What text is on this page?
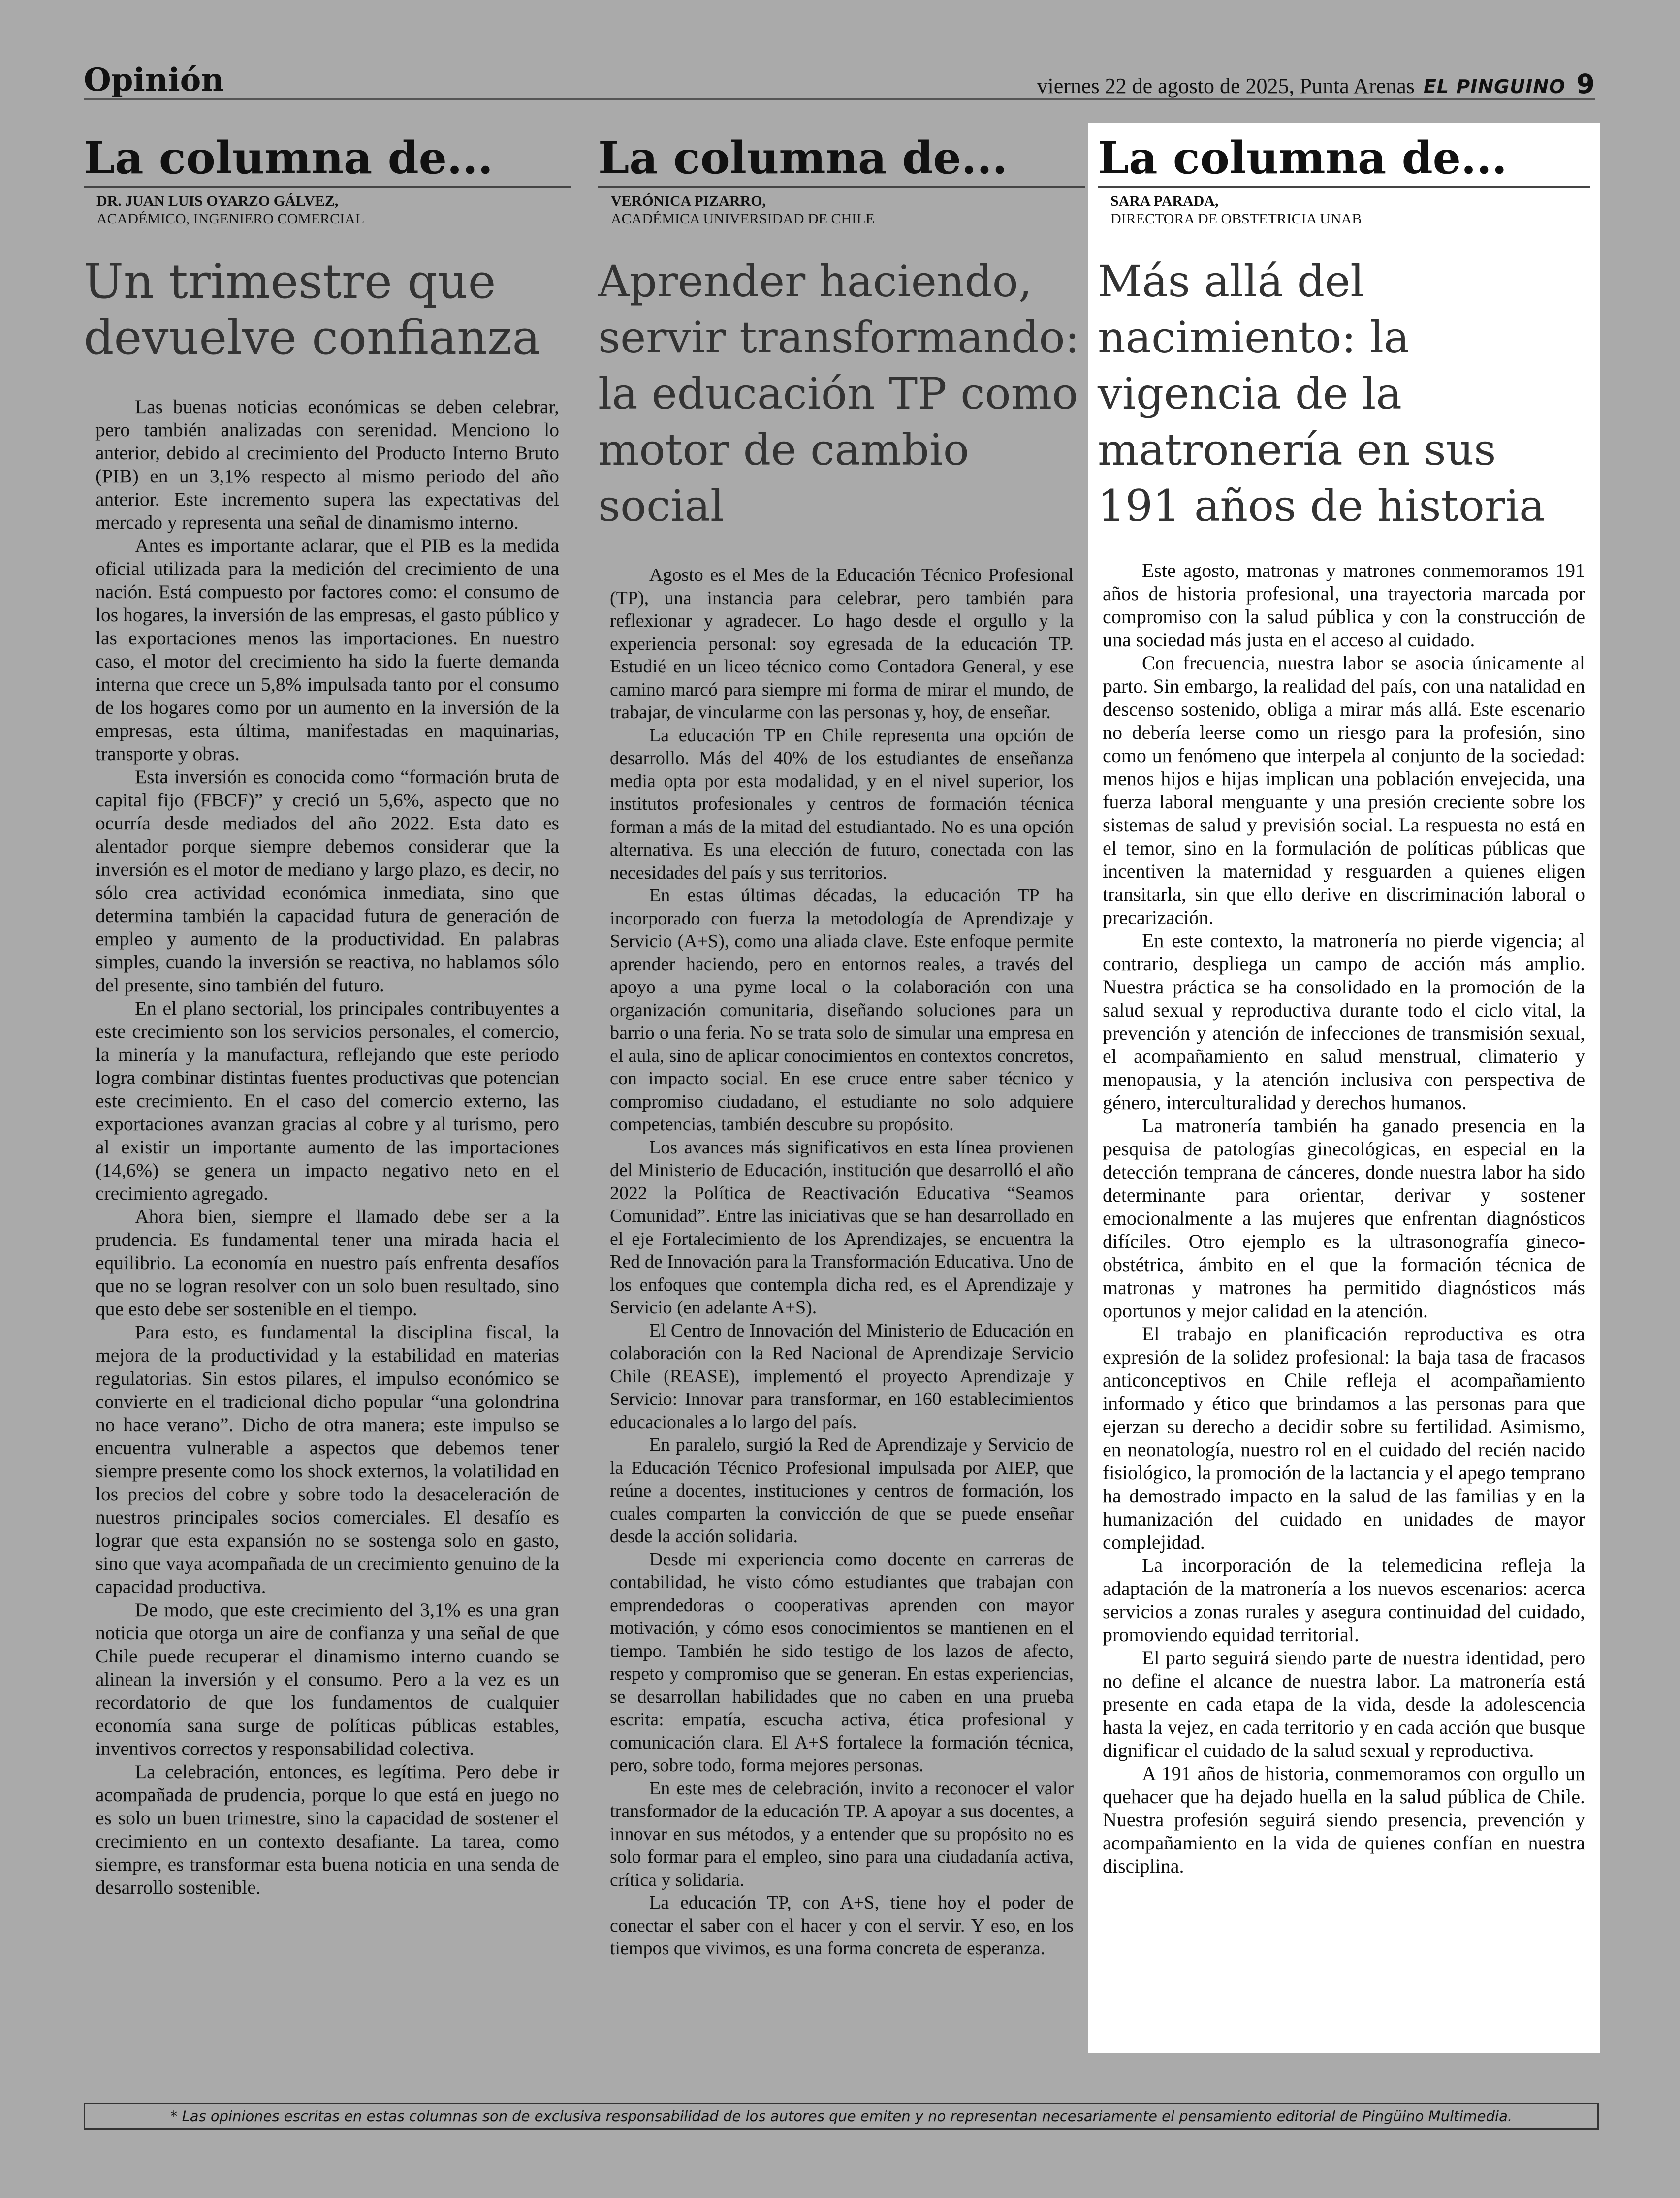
Opinión	viernes 22 de agosto de 2025, Punta Arenas EL PINGUINO 9
La columna de...
DR. JUAN LUIS OYARZO GÁLVEZ,
ACADÉMICO, INGENIERO COMERCIAL
Un trimestre que devuelve confianza

Las buenas noticias económicas se deben celebrar, pero también analizadas con serenidad. Menciono lo anterior, debido al crecimiento del Producto Interno Bruto (PIB) en un 3,1% respecto al mismo periodo del año anterior. Este incremento supera las expectativas del mercado y representa una señal de dinamismo interno.

Antes es importante aclarar, que el PIB es la medida oficial utilizada para la medición del crecimiento de una nación. Está compuesto por factores como: el consumo de los hogares, la inversión de las empresas, el gasto público y las exportaciones menos las importaciones. En nuestro caso, el motor del crecimiento ha sido la fuerte demanda interna que crece un 5,8% impulsada tanto por el consumo de los hogares como por un aumento en la inversión de la empresas, esta última, manifestadas en maquinarias, transporte y obras.

Esta inversión es conocida como “formación bruta de capital fijo (FBCF)” y creció un 5,6%, aspecto que no ocurría desde mediados del año 2022. Esta dato es alentador porque siempre debemos considerar que la inversión es el motor de mediano y largo plazo, es decir, no sólo crea actividad económica inmediata, sino que determina también la capacidad futura de generación de empleo y aumento de la productividad. En palabras simples, cuando la inversión se reactiva, no hablamos sólo del presente, sino también del futuro.

En el plano sectorial, los principales contribuyentes a este crecimiento son los servicios personales, el comercio, la minería y la manufactura, reflejando que este periodo logra combinar distintas fuentes productivas que potencian este crecimiento. En el caso del comercio externo, las exportaciones avanzan gracias al cobre y al turismo, pero al existir un importante aumento de las importaciones (14,6%) se genera un impacto negativo neto en el crecimiento agregado.

Ahora bien, siempre el llamado debe ser a la prudencia. Es fundamental tener una mirada hacia el equilibrio. La economía en nuestro país enfrenta desafíos que no se logran resolver con un solo buen resultado, sino que esto debe ser sostenible en el tiempo.

Para esto, es fundamental la disciplina fiscal, la mejora de la productividad y la estabilidad en materias regulatorias. Sin estos pilares, el impulso económico se convierte en el tradicional dicho popular “una golondrina no hace verano”. Dicho de otra manera; este impulso se encuentra vulnerable a aspectos que debemos tener siempre presente como los shock externos, la volatilidad en los precios del cobre y sobre todo la desaceleración de nuestros principales socios comerciales. El desafío es lograr que esta expansión no se sostenga solo en gasto, sino que vaya acompañada de un crecimiento genuino de la capacidad productiva.

De modo, que este crecimiento del 3,1% es una gran noticia que otorga un aire de confianza y una señal de que Chile puede recuperar el dinamismo interno cuando se alinean la inversión y el consumo. Pero a la vez es un recordatorio de que los fundamentos de cualquier economía sana surge de políticas públicas estables, inventivos correctos y responsabilidad colectiva.

La celebración, entonces, es legítima. Pero debe ir acompañada de prudencia, porque lo que está en juego no es solo un buen trimestre, sino la capacidad de sostener el crecimiento en un contexto desafiante. La tarea, como siempre, es transformar esta buena noticia en una senda de desarrollo sostenible.

La columna de...
VERÓNICA PIZARRO,
ACADÉMICA UNIVERSIDAD DE CHILE
Aprender haciendo, servir transformando: la educación TP como motor de cambio social

Agosto es el Mes de la Educación Técnico Profesional (TP), una instancia para celebrar, pero también para reflexionar y agradecer. Lo hago desde el orgullo y la experiencia personal: soy egresada de la educación TP. Estudié en un liceo técnico como Contadora General, y ese camino marcó para siempre mi forma de mirar el mundo, de trabajar, de vincularme con las personas y, hoy, de enseñar.

La educación TP en Chile representa una opción de desarrollo. Más del 40% de los estudiantes de enseñanza media opta por esta modalidad, y en el nivel superior, los institutos profesionales y centros de formación técnica forman a más de la mitad del estudiantado. No es una opción alternativa. Es una elección de futuro, conectada con las necesidades del país y sus territorios.

En estas últimas décadas, la educación TP ha incorporado con fuerza la metodología de Aprendizaje y Servicio (A+S), como una aliada clave. Este enfoque permite aprender haciendo, pero en entornos reales, a través del apoyo a una pyme local o la colaboración con una organización comunitaria, diseñando soluciones para un barrio o una feria. No se trata solo de simular una empresa en el aula, sino de aplicar conocimientos en contextos concretos, con impacto social. En ese cruce entre saber técnico y compromiso ciudadano, el estudiante no solo adquiere competencias, también descubre su propósito.

Los avances más significativos en esta línea provienen del Ministerio de Educación, institución que desarrolló el año 2022 la Política de Reactivación Educativa “Seamos Comunidad”. Entre las iniciativas que se han desarrollado en el eje Fortalecimiento de los Aprendizajes, se encuentra la Red de Innovación para la Transformación Educativa. Uno de los enfoques que contempla dicha red, es el Aprendizaje y Servicio (en adelante A+S).

El Centro de Innovación del Ministerio de Educación en colaboración con la Red Nacional de Aprendizaje Servicio Chile (REASE), implementó el proyecto Aprendizaje y Servicio: Innovar para transformar, en 160 establecimientos educacionales a lo largo del país.

En paralelo, surgió la Red de Aprendizaje y Servicio de la Educación Técnico Profesional impulsada por AIEP, que reúne a docentes, instituciones y centros de formación, los cuales comparten la convicción de que se puede enseñar desde la acción solidaria.

Desde mi experiencia como docente en carreras de contabilidad, he visto cómo estudiantes que trabajan con emprendedoras o cooperativas aprenden con mayor motivación, y cómo esos conocimientos se mantienen en el tiempo. También he sido testigo de los lazos de afecto, respeto y compromiso que se generan. En estas experiencias, se desarrollan habilidades que no caben en una prueba escrita: empatía, escucha activa, ética profesional y comunicación clara. El A+S fortalece la formación técnica, pero, sobre todo, forma mejores personas.

En este mes de celebración, invito a reconocer el valor transformador de la educación TP. A apoyar a sus docentes, a innovar en sus métodos, y a entender que su propósito no es solo formar para el empleo, sino para una ciudadanía activa, crítica y solidaria.

La educación TP, con A+S, tiene hoy el poder de conectar el saber con el hacer y con el servir. Y eso, en los tiempos que vivimos, es una forma concreta de esperanza.

La columna de...
SARA PARADA,
DIRECTORA DE OBSTETRICIA UNAB
Más allá del nacimiento: la vigencia de la matronería en sus 191 años de historia

Este agosto, matronas y matrones conmemoramos 191 años de historia profesional, una trayectoria marcada por compromiso con la salud pública y con la construcción de una sociedad más justa en el acceso al cuidado.

Con frecuencia, nuestra labor se asocia únicamente al parto. Sin embargo, la realidad del país, con una natalidad en descenso sostenido, obliga a mirar más allá. Este escenario no debería leerse como un riesgo para la profesión, sino como un fenómeno que interpela al conjunto de la sociedad: menos hijos e hijas implican una población envejecida, una fuerza laboral menguante y una presión creciente sobre los sistemas de salud y previsión social. La respuesta no está en el temor, sino en la formulación de políticas públicas que incentiven la maternidad y resguarden a quienes eligen transitarla, sin que ello derive en discriminación laboral o precarización.

En este contexto, la matronería no pierde vigencia; al contrario, despliega un campo de acción más amplio. Nuestra práctica se ha consolidado en la promoción de la salud sexual y reproductiva durante todo el ciclo vital, la prevención y atención de infecciones de transmisión sexual, el acompañamiento en salud menstrual, climaterio y menopausia, y la atención inclusiva con perspectiva de género, interculturalidad y derechos humanos.

La matronería también ha ganado presencia en la pesquisa de patologías ginecológicas, en especial en la detección temprana de cánceres, donde nuestra labor ha sido determinante para orientar, derivar y sostener emocionalmente a las mujeres que enfrentan diagnósticos difíciles. Otro ejemplo es la ultrasonografía gineco-obstétrica, ámbito en el que la formación técnica de matronas y matrones ha permitido diagnósticos más oportunos y mejor calidad en la atención.

El trabajo en planificación reproductiva es otra expresión de la solidez profesional: la baja tasa de fracasos anticonceptivos en Chile refleja el acompañamiento informado y ético que brindamos a las personas para que ejerzan su derecho a decidir sobre su fertilidad. Asimismo, en neonatología, nuestro rol en el cuidado del recién nacido fisiológico, la promoción de la lactancia y el apego temprano ha demostrado impacto en la salud de las familias y en la humanización del cuidado en unidades de mayor complejidad.

La incorporación de la telemedicina refleja la adaptación de la matronería a los nuevos escenarios: acerca servicios a zonas rurales y asegura continuidad del cuidado, promoviendo equidad territorial.

El parto seguirá siendo parte de nuestra identidad, pero no define el alcance de nuestra labor. La matronería está presente en cada etapa de la vida, desde la adolescencia hasta la vejez, en cada territorio y en cada acción que busque dignificar el cuidado de la salud sexual y reproductiva.

A 191 años de historia, conmemoramos con orgullo un quehacer que ha dejado huella en la salud pública de Chile. Nuestra profesión seguirá siendo presencia, prevención y acompañamiento en la vida de quienes confían en nuestra disciplina.

* Las opiniones escritas en estas columnas son de exclusiva responsabilidad de los autores que emiten y no representan necesariamente el pensamiento editorial de Pingüino Multimedia.
